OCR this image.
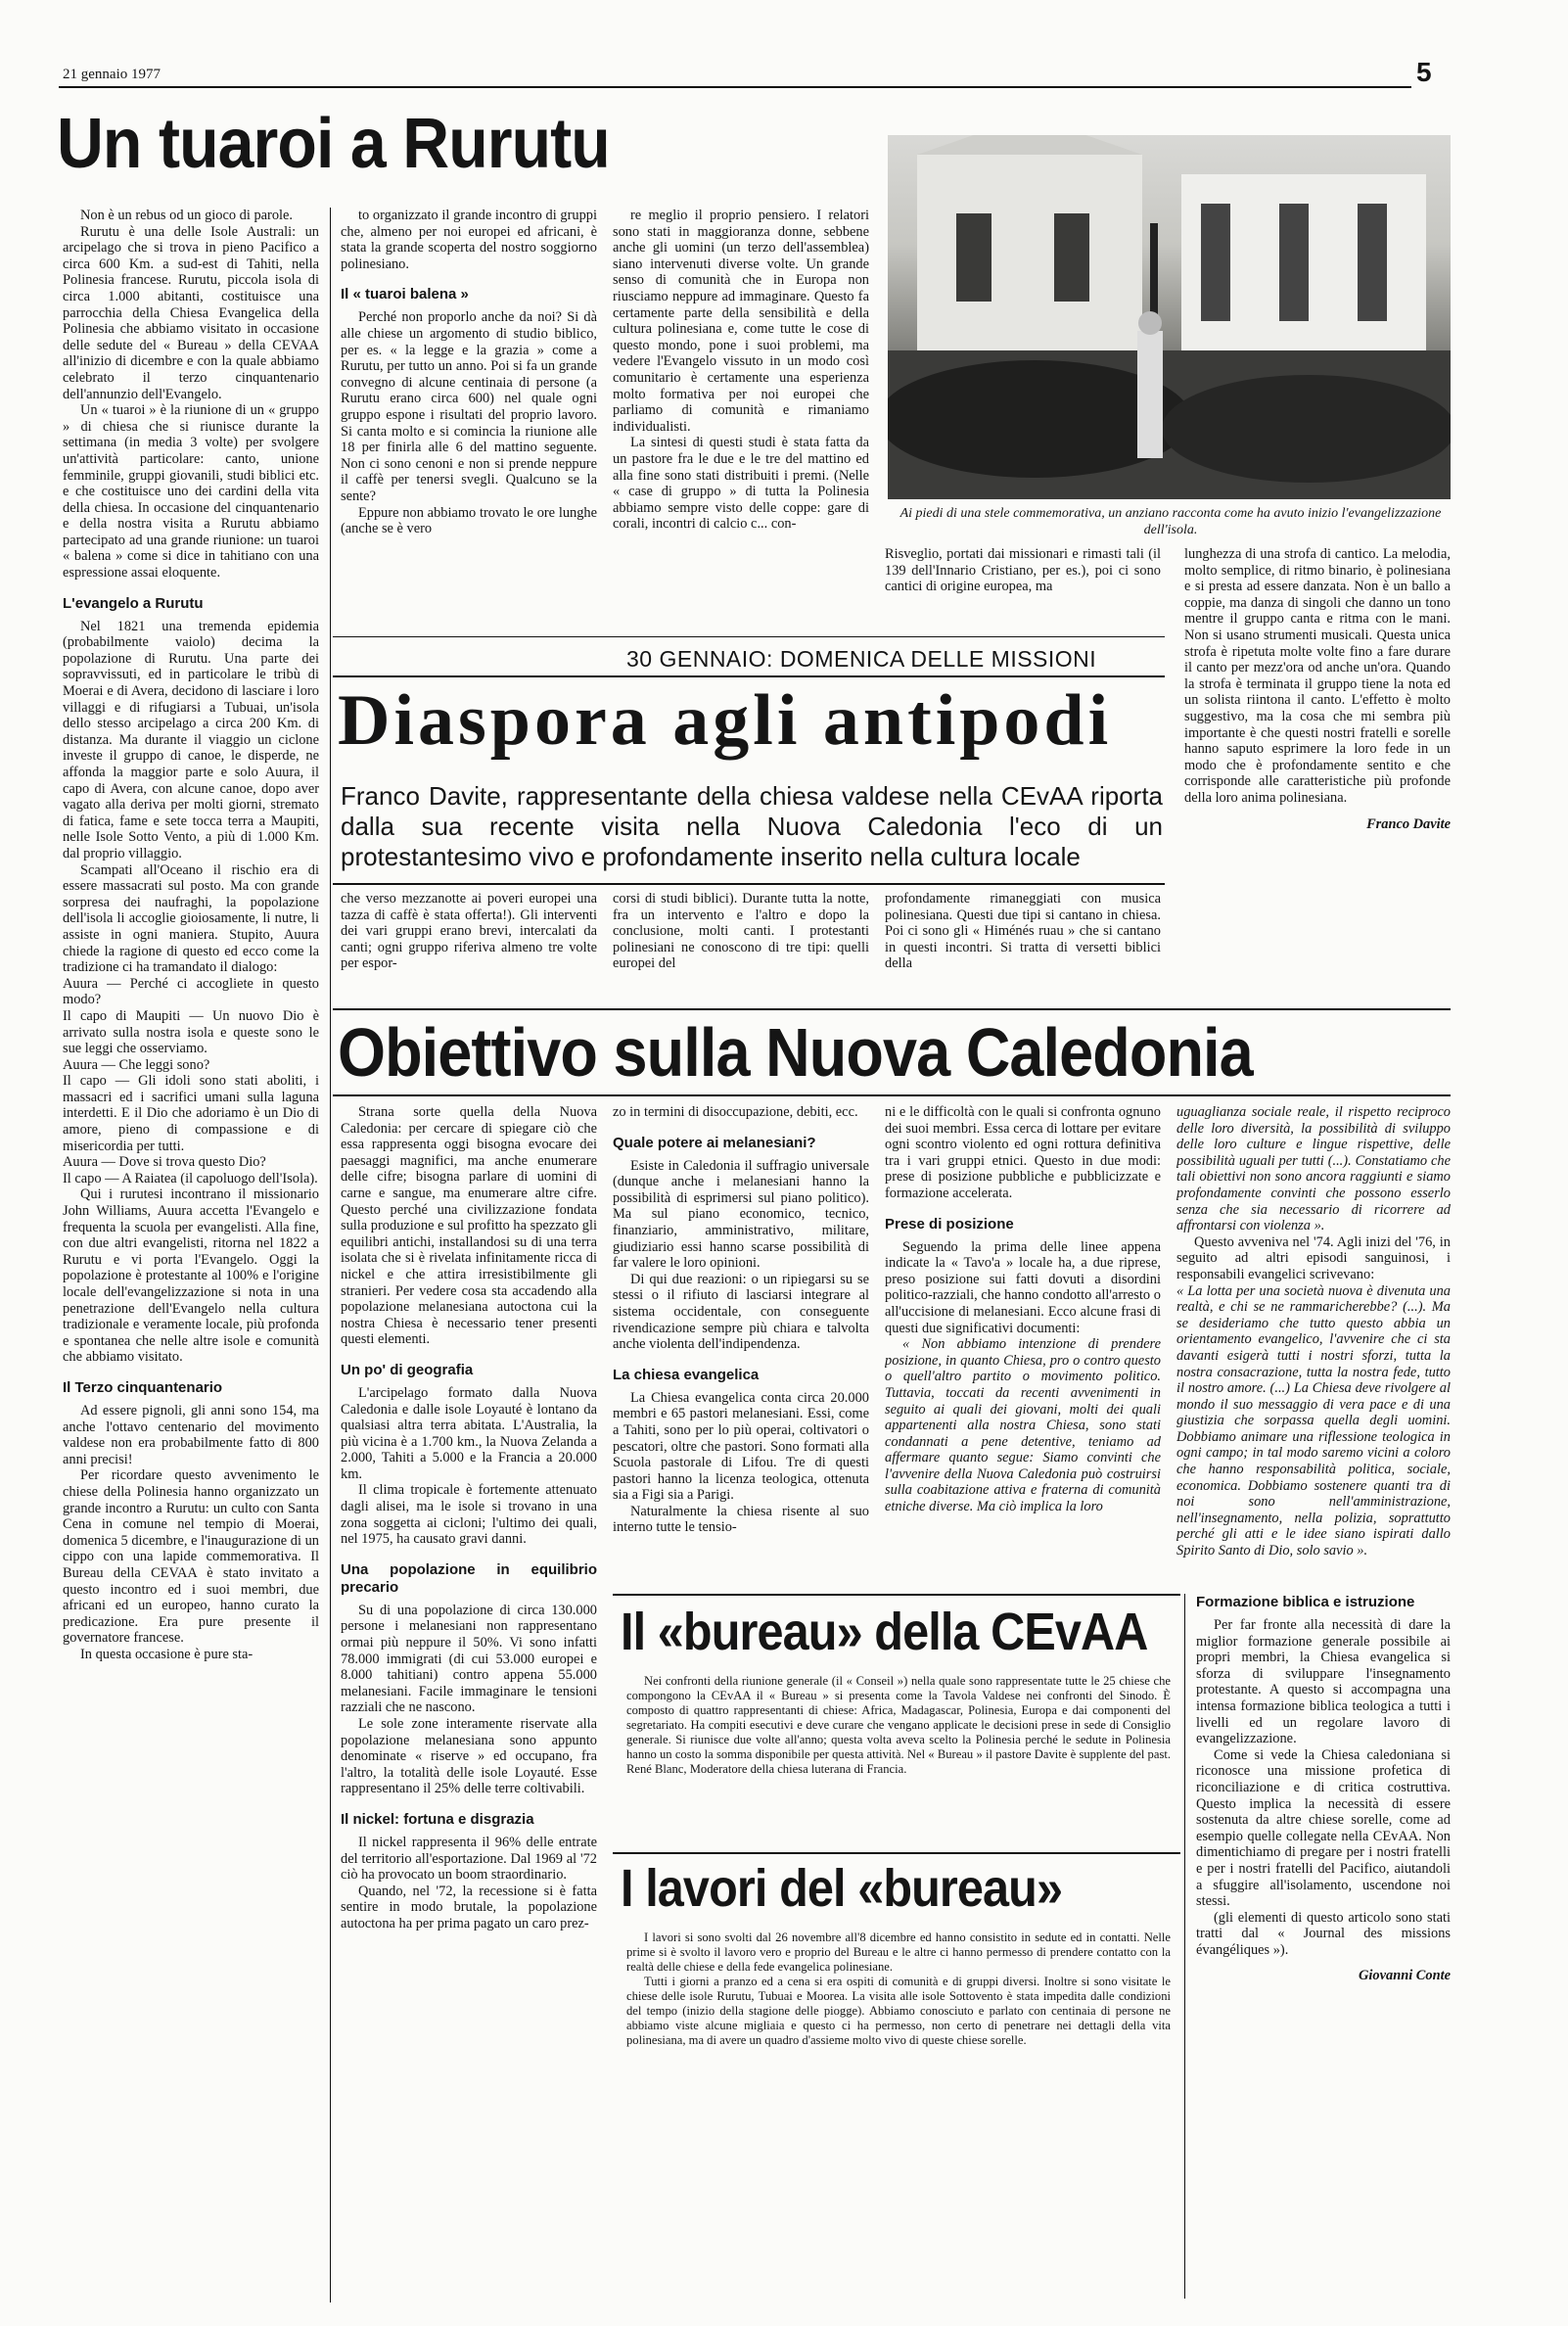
21 gennaio 1977	5
Un tuaroi a Rurutu

Non è un rebus od un gioco di parole.

Rurutu è una delle Isole Australi: un arcipelago che si trova in pieno Pacifico a circa 600 Km. a sud-est di Tahiti, nella Polinesia francese. Rurutu, piccola isola di circa 1.000 abitanti, costituisce una parrocchia della Chiesa Evangelica della Polinesia che abbiamo visitato in occasione delle sedute del « Bureau » della CEVAA all'inizio di dicembre e con la quale abbiamo celebrato il terzo cinquantenario dell'annunzio dell'Evangelo.

Un « tuaroi » è la riunione di un « gruppo » di chiesa che si riunisce durante la settimana (in media 3 volte) per svolgere un'attività particolare: canto, unione femminile, gruppi giovanili, studi biblici etc. e che costituisce uno dei cardini della vita della chiesa. In occasione del cinquantenario e della nostra visita a Rurutu abbiamo partecipato ad una grande riunione: un tuaroi « balena » come si dice in tahitiano con una espressione assai eloquente.

L'evangelo a Rurutu

Nel 1821 una tremenda epidemia (probabilmente vaiolo) decima la popolazione di Rurutu. Una parte dei sopravvissuti, ed in particolare le tribù di Moerai e di Avera, decidono di lasciare i loro villaggi e di rifugiarsi a Tubuai, un'isola dello stesso arcipelago a circa 200 Km. di distanza. Ma durante il viaggio un ciclone investe il gruppo di canoe, le disperde, ne affonda la maggior parte e solo Auura, il capo di Avera, con alcune canoe, dopo aver vagato alla deriva per molti giorni, stremato di fatica, fame e sete tocca terra a Maupiti, nelle Isole Sotto Vento, a più di 1.000 Km. dal proprio villaggio.

Scampati all'Oceano il rischio era di essere massacrati sul posto. Ma con grande sorpresa dei naufraghi, la popolazione dell'isola li accoglie gioiosamente, li nutre, li assiste in ogni maniera. Stupito, Auura chiede la ragione di questo ed ecco come la tradizione ci ha tramandato il dialogo:

Auura — Perché ci accogliete in questo modo?

Il capo di Maupiti — Un nuovo Dio è arrivato sulla nostra isola e queste sono le sue leggi che osserviamo.

Auura — Che leggi sono?

Il capo — Gli idoli sono stati aboliti, i massacri ed i sacrifici umani sulla laguna interdetti. E il Dio che adoriamo è un Dio di amore, pieno di compassione e di misericordia per tutti.

Auura — Dove si trova questo Dio?

Il capo — A Raiatea (il capoluogo dell'Isola).

Qui i rurutesi incontrano il missionario John Williams, Auura accetta l'Evangelo e frequenta la scuola per evangelisti. Alla fine, con due altri evangelisti, ritorna nel 1822 a Rurutu e vi porta l'Evangelo. Oggi la popolazione è protestante al 100% e l'origine locale dell'evangelizzazione si nota in una penetrazione dell'Evangelo nella cultura tradizionale e veramente locale, più profonda e spontanea che nelle altre isole e comunità che abbiamo visitato.

Il Terzo cinquantenario

Ad essere pignoli, gli anni sono 154, ma anche l'ottavo centenario del movimento valdese non era probabilmente fatto di 800 anni precisi!

Per ricordare questo avvenimento le chiese della Polinesia hanno organizzato un grande incontro a Rurutu: un culto con Santa Cena in comune nel tempio di Moerai, domenica 5 dicembre, e l'inaugurazione di un cippo con una lapide commemorativa. Il Bureau della CEVAA è stato invitato a questo incontro ed i suoi membri, due africani ed un europeo, hanno curato la predicazione. Era pure presente il governatore francese.

In questa occasione è pure sta-

to organizzato il grande incontro di gruppi che, almeno per noi europei ed africani, è stata la grande scoperta del nostro soggiorno polinesiano.

Il « tuaroi balena »

Perché non proporlo anche da noi? Si dà alle chiese un argomento di studio biblico, per es. « la legge e la grazia » come a Rurutu, per tutto un anno. Poi si fa un grande convegno di alcune centinaia di persone (a Rurutu erano circa 600) nel quale ogni gruppo espone i risultati del proprio lavoro. Si canta molto e si comincia la riunione alle 18 per finirla alle 6 del mattino seguente. Non ci sono cenoni e non si prende neppure il caffè per tenersi svegli. Qualcuno se la sente?

Eppure non abbiamo trovato le ore lunghe (anche se è vero

re meglio il proprio pensiero. I relatori sono stati in maggioranza donne, sebbene anche gli uomini (un terzo dell'assemblea) siano intervenuti diverse volte. Un grande senso di comunità che in Europa non riusciamo neppure ad immaginare. Questo fa certamente parte della sensibilità e della cultura polinesiana e, come tutte le cose di questo mondo, pone i suoi problemi, ma vedere l'Evangelo vissuto in un modo così comunitario è certamente una esperienza molto formativa per noi europei che parliamo di comunità e rimaniamo individualisti.

La sintesi di questi studi è stata fatta da un pastore fra le due e le tre del mattino ed alla fine sono stati distribuiti i premi. (Nelle « case di gruppo » di tutta la Polinesia abbiamo sempre visto delle coppe: gare di corali, incontri di calcio c... con-

Ai piedi di una stele commemorativa, un anziano racconta come ha avuto inizio l'evangelizzazione dell'isola.

Risveglio, portati dai missionari e rimasti tali (il 139 dell'Innario Cristiano, per es.), poi ci sono cantici di origine europea, ma

lunghezza di una strofa di cantico. La melodia, molto semplice, di ritmo binario, è polinesiana e si presta ad essere danzata. Non è un ballo a coppie, ma danza di singoli che danno un tono mentre il gruppo canta e ritma con le mani. Non si usano strumenti musicali. Questa unica strofa è ripetuta molte volte fino a fare durare il canto per mezz'ora od anche un'ora. Quando la strofa è terminata il gruppo tiene la nota ed un solista riintona il canto. L'effetto è molto suggestivo, ma la cosa che mi sembra più importante è che questi nostri fratelli e sorelle hanno saputo esprimere la loro fede in un modo che è profondamente sentito e che corrisponde alle caratteristiche più profonde della loro anima polinesiana.

Franco Davite
30 GENNAIO: DOMENICA DELLE MISSIONI
Diaspora agli antipodi
Franco Davite, rappresentante della chiesa valdese nella CEvAA riporta dalla sua recente visita nella Nuova Caledonia l'eco di un protestantesimo vivo e profondamente inserito nella cultura locale

che verso mezzanotte ai poveri europei una tazza di caffè è stata offerta!). Gli interventi dei vari gruppi erano brevi, intercalati da canti; ogni gruppo riferiva almeno tre volte per espor-

corsi di studi biblici). Durante tutta la notte, fra un intervento e l'altro e dopo la conclusione, molti canti. I protestanti polinesiani ne conoscono di tre tipi: quelli europei del

profondamente rimaneggiati con musica polinesiana. Questi due tipi si cantano in chiesa. Poi ci sono gli « Himénés ruau » che si cantano in questi incontri. Si tratta di versetti biblici della

Obiettivo sulla Nuova Caledonia

Strana sorte quella della Nuova Caledonia: per cercare di spiegare ciò che essa rappresenta oggi bisogna evocare dei paesaggi magnifici, ma anche enumerare delle cifre; bisogna parlare di uomini di carne e sangue, ma enumerare altre cifre. Questo perché una civilizzazione fondata sulla produzione e sul profitto ha spezzato gli equilibri antichi, installandosi su di una terra isolata che si è rivelata infinitamente ricca di nickel e che attira irresistibilmente gli stranieri. Per vedere cosa sta accadendo alla popolazione melanesiana autoctona cui la nostra Chiesa è necessario tener presenti questi elementi.

Un po' di geografia

L'arcipelago formato dalla Nuova Caledonia e dalle isole Loyauté è lontano da qualsiasi altra terra abitata. L'Australia, la più vicina è a 1.700 km., la Nuova Zelanda a 2.000, Tahiti a 5.000 e la Francia a 20.000 km.

Il clima tropicale è fortemente attenuato dagli alisei, ma le isole si trovano in una zona soggetta ai cicloni; l'ultimo dei quali, nel 1975, ha causato gravi danni.

Una popolazione in equilibrio precario

Su di una popolazione di circa 130.000 persone i melanesiani non rappresentano ormai più neppure il 50%. Vi sono infatti 78.000 immigrati (di cui 53.000 europei e 8.000 tahitiani) contro appena 55.000 melanesiani. Facile immaginare le tensioni razziali che ne nascono.

Le sole zone interamente riservate alla popolazione melanesiana sono appunto denominate « riserve » ed occupano, fra l'altro, la totalità delle isole Loyauté. Esse rappresentano il 25% delle terre coltivabili.

Il nickel: fortuna e disgrazia

Il nickel rappresenta il 96% delle entrate del territorio all'esportazione. Dal 1969 al '72 ciò ha provocato un boom straordinario.

Quando, nel '72, la recessione si è fatta sentire in modo brutale, la popolazione autoctona ha per prima pagato un caro prez-

zo in termini di disoccupazione, debiti, ecc.

Quale potere ai melanesiani?

Esiste in Caledonia il suffragio universale (dunque anche i melanesiani hanno la possibilità di esprimersi sul piano politico). Ma sul piano economico, tecnico, finanziario, amministrativo, militare, giudiziario essi hanno scarse possibilità di far valere le loro opinioni.

Di qui due reazioni: o un ripiegarsi su se stessi o il rifiuto di lasciarsi integrare al sistema occidentale, con conseguente rivendicazione sempre più chiara e talvolta anche violenta dell'indipendenza.

La chiesa evangelica

La Chiesa evangelica conta circa 20.000 membri e 65 pastori melanesiani. Essi, come a Tahiti, sono per lo più operai, coltivatori o pescatori, oltre che pastori. Sono formati alla Scuola pastorale di Lifou. Tre di questi pastori hanno la licenza teologica, ottenuta sia a Figi sia a Parigi.

Naturalmente la chiesa risente al suo interno tutte le tensio-

ni e le difficoltà con le quali si confronta ognuno dei suoi membri. Essa cerca di lottare per evitare ogni scontro violento ed ogni rottura definitiva tra i vari gruppi etnici. Questo in due modi: prese di posizione pubbliche e pubblicizzate e formazione accelerata.

Prese di posizione

Seguendo la prima delle linee appena indicate la « Tavo'a » locale ha, a due riprese, preso posizione sui fatti dovuti a disordini politico-razziali, che hanno condotto all'arresto o all'uccisione di melanesiani. Ecco alcune frasi di questi due significativi documenti:

« Non abbiamo intenzione di prendere posizione, in quanto Chiesa, pro o contro questo o quell'altro partito o movimento politico. Tuttavia, toccati da recenti avvenimenti in seguito ai quali dei giovani, molti dei quali appartenenti alla nostra Chiesa, sono stati condannati a pene detentive, teniamo ad affermare quanto segue: Siamo convinti che l'avvenire della Nuova Caledonia può costruirsi sulla coabitazione attiva e fraterna di comunità etniche diverse. Ma ciò implica la loro

uguaglianza sociale reale, il rispetto reciproco delle loro diversità, la possibilità di sviluppo delle loro culture e lingue rispettive, delle possibilità uguali per tutti (...). Constatiamo che tali obiettivi non sono ancora raggiunti e siamo profondamente convinti che possono esserlo senza che sia necessario di ricorrere ad affrontarsi con violenza ».

Questo avveniva nel '74. Agli inizi del '76, in seguito ad altri episodi sanguinosi, i responsabili evangelici scrivevano:

« La lotta per una società nuova è divenuta una realtà, e chi se ne rammaricherebbe? (...). Ma se desideriamo che tutto questo abbia un orientamento evangelico, l'avvenire che ci sta davanti esigerà tutti i nostri sforzi, tutta la nostra consacrazione, tutta la nostra fede, tutto il nostro amore. (...) La Chiesa deve rivolgere al mondo il suo messaggio di vera pace e di una giustizia che sorpassa quella degli uomini. Dobbiamo animare una riflessione teologica in ogni campo; in tal modo saremo vicini a coloro che hanno responsabilità politica, sociale, economica. Dobbiamo sostenere quanti tra di noi sono nell'amministrazione, nell'insegnamento, nella polizia, soprattutto perché gli atti e le idee siano ispirati dallo Spirito Santo di Dio, solo savio ».

Il «bureau» della CEvAA

Nei confronti della riunione generale (il « Conseil ») nella quale sono rappresentate tutte le 25 chiese che compongono la CEvAA il « Bureau » si presenta come la Tavola Valdese nei confronti del Sinodo. È composto di quattro rappresentanti di chiese: Africa, Madagascar, Polinesia, Europa e dai componenti del segretariato. Ha compiti esecutivi e deve curare che vengano applicate le decisioni prese in sede di Consiglio generale. Si riunisce due volte all'anno; questa volta aveva scelto la Polinesia perché le sedute in Polinesia hanno un costo la somma disponibile per questa attività. Nel « Bureau » il pastore Davite è supplente del past. René Blanc, Moderatore della chiesa luterana di Francia.

I lavori del «bureau»

I lavori si sono svolti dal 26 novembre all'8 dicembre ed hanno consistito in sedute ed in contatti. Nelle prime si è svolto il lavoro vero e proprio del Bureau e le altre ci hanno permesso di prendere contatto con la realtà delle chiese e della fede evangelica polinesiane.

Tutti i giorni a pranzo ed a cena si era ospiti di comunità e di gruppi diversi. Inoltre si sono visitate le chiese delle isole Rurutu, Tubuai e Moorea. La visita alle isole Sottovento è stata impedita dalle condizioni del tempo (inizio della stagione delle piogge). Abbiamo conosciuto e parlato con centinaia di persone ne abbiamo viste alcune migliaia e questo ci ha permesso, non certo di penetrare nei dettagli della vita polinesiana, ma di avere un quadro d'assieme molto vivo di queste chiese sorelle.

Formazione biblica e istruzione

Per far fronte alla necessità di dare la miglior formazione generale possibile ai propri membri, la Chiesa evangelica si sforza di sviluppare l'insegnamento protestante. A questo si accompagna una intensa formazione biblica teologica a tutti i livelli ed un regolare lavoro di evangelizzazione.

Come si vede la Chiesa caledoniana si riconosce una missione profetica di riconciliazione e di critica costruttiva. Questo implica la necessità di essere sostenuta da altre chiese sorelle, come ad esempio quelle collegate nella CEvAA. Non dimentichiamo di pregare per i nostri fratelli e per i nostri fratelli del Pacifico, aiutandoli a sfuggire all'isolamento, uscendone noi stessi.

(gli elementi di questo articolo sono stati tratti dal « Journal des missions évangéliques »).

Giovanni Conte
